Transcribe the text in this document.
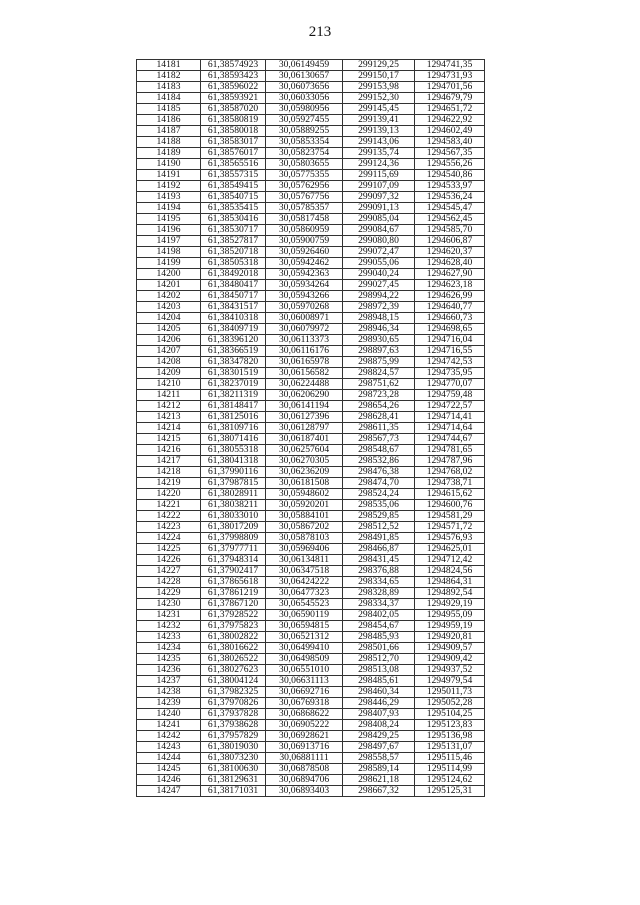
213
14181	61,38574923	30,06149459	299129,25	1294741,35
14182	61,38593423	30,06130657	299150,17	1294731,93
14183	61,38596022	30,06073656	299153,98	1294701,56
14184	61,38593921	30,06033056	299152,30	1294679,79
14185	61,38587020	30,05980956	299145,45	1294651,72
14186	61,38580819	30,05927455	299139,41	1294622,92
14187	61,38580018	30,05889255	299139,13	1294602,49
14188	61,38583017	30,05853354	299143,06	1294583,40
14189	61,38576017	30,05823754	299135,74	1294567,35
14190	61,38565516	30,05803655	299124,36	1294556,26
14191	61,38557315	30,05775355	299115,69	1294540,86
14192	61,38549415	30,05762956	299107,09	1294533,97
14193	61,38540715	30,05767756	299097,32	1294536,24
14194	61,38535415	30,05785357	299091,13	1294545,47
14195	61,38530416	30,05817458	299085,04	1294562,45
14196	61,38530717	30,05860959	299084,67	1294585,70
14197	61,38527817	30,05900759	299080,80	1294606,87
14198	61,38520718	30,05926460	299072,47	1294620,37
14199	61,38505318	30,05942462	299055,06	1294628,40
14200	61,38492018	30,05942363	299040,24	1294627,90
14201	61,38480417	30,05934264	299027,45	1294623,18
14202	61,38450717	30,05943266	298994,22	1294626,99
14203	61,38431517	30,05970268	298972,39	1294640,77
14204	61,38410318	30,06008971	298948,15	1294660,73
14205	61,38409719	30,06079972	298946,34	1294698,65
14206	61,38396120	30,06113373	298930,65	1294716,04
14207	61,38366519	30,06116176	298897,63	1294716,55
14208	61,38347820	30,06165978	298875,99	1294742,53
14209	61,38301519	30,06156582	298824,57	1294735,95
14210	61,38237019	30,06224488	298751,62	1294770,07
14211	61,38211319	30,06206290	298723,28	1294759,48
14212	61,38148417	30,06141194	298654,26	1294722,57
14213	61,38125016	30,06127396	298628,41	1294714,41
14214	61,38109716	30,06128797	298611,35	1294714,64
14215	61,38071416	30,06187401	298567,73	1294744,67
14216	61,38055318	30,06257604	298548,67	1294781,65
14217	61,38041318	30,06270305	298532,86	1294787,96
14218	61,37990116	30,06236209	298476,38	1294768,02
14219	61,37987815	30,06181508	298474,70	1294738,71
14220	61,38028911	30,05948602	298524,24	1294615,62
14221	61,38038211	30,05920201	298535,06	1294600,76
14222	61,38033010	30,05884101	298529,85	1294581,29
14223	61,38017209	30,05867202	298512,52	1294571,72
14224	61,37998809	30,05878103	298491,85	1294576,93
14225	61,37977711	30,05969406	298466,87	1294625,01
14226	61,37948314	30,06134811	298431,45	1294712,42
14227	61,37902417	30,06347518	298376,88	1294824,56
14228	61,37865618	30,06424222	298334,65	1294864,31
14229	61,37861219	30,06477323	298328,89	1294892,54
14230	61,37867120	30,06545523	298334,37	1294929,19
14231	61,37928522	30,06590119	298402,05	1294955,09
14232	61,37975823	30,06594815	298454,67	1294959,19
14233	61,38002822	30,06521312	298485,93	1294920,81
14234	61,38016622	30,06499410	298501,66	1294909,57
14235	61,38026522	30,06498509	298512,70	1294909,42
14236	61,38027623	30,06551010	298513,08	1294937,52
14237	61,38004124	30,06631113	298485,61	1294979,54
14238	61,37982325	30,06692716	298460,34	1295011,73
14239	61,37970826	30,06769318	298446,29	1295052,28
14240	61,37937828	30,06868622	298407,93	1295104,25
14241	61,37938628	30,06905222	298408,24	1295123,83
14242	61,37957829	30,06928621	298429,25	1295136,98
14243	61,38019030	30,06913716	298497,67	1295131,07
14244	61,38073230	30,06881111	298558,57	1295115,46
14245	61,38100630	30,06878508	298589,14	1295114,99
14246	61,38129631	30,06894706	298621,18	1295124,62
14247	61,38171031	30,06893403	298667,32	1295125,31
